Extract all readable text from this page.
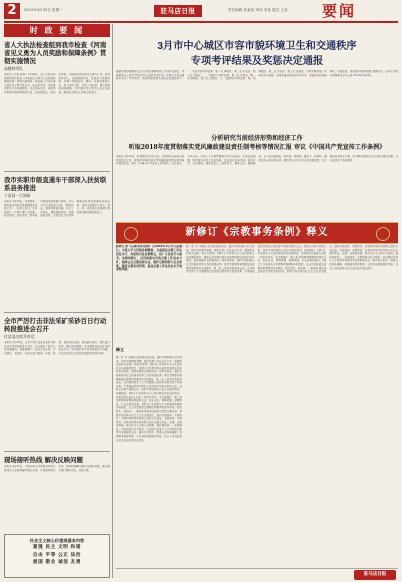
2	2019年4月30日 星期二	驻马店日报	责任编辑 张某某 审读 李某 版式 王某 要闻
时 政 要 闻
省人大执法检查组到我市检查《河南省见义勇为人员奖励和保障条例》贯彻实施情况
高继辉带队
本报讯（记者 张某）4月29日，省人大执法检查组到我市检查《河南省见义勇为人员奖励和保障条例》贯彻实施情况。检查组一行先后深入县区见义勇为基金会、派出所等地，实地察看相关工作开展情况，并召开座谈会，听取我市贯彻实施条例情况汇报。检查组指出，驻马店市委、市政府高度重视见义勇为工作，条例宣传深入，奖励保障到位，弘扬正气氛围浓厚，取得了明显成效。要进一步提高思想认识，加大宣传力度，完善工作机制，落实奖励和保障措施，切实维护见义勇为人员合法权益，推动见义勇为工作再上新台阶。
我市实职市级直通车干部深入扶贫联系县务推进
于某同一行调研
本报讯 4月29日，市委常委、组织部长到联系县调研脱贫攻坚工作。一行深入乡村，走访贫困户，详细了解产业发展、就业帮扶、危房改造、教育医疗保障等政策落实情况，并与乡村干部座谈交流。调研指出，要坚持精准方略，压实工作责任，聚焦短板弱项，巩固脱贫成果，以更加扎实的作风确保高质量完成脱贫攻坚任务。各级干部要沉下身子、深入一线，真正把心思和精力用在帮扶群众增收致富上。
全市严厉打击非法采矿采砂百日行动转段推进会召开
付某某出席并讲话
本报讯 4月29日，全市严厉打击非法采矿采砂百日行动转段推进会召开。会议通报了前段工作开展情况，安排部署下一阶段重点任务。会议要求，各县区、各有关部门要进一步统一思想，保持高压态势，坚持露头就打，强化部门联动，健全长效机制，坚决遏制非法采矿采砂违法行为，切实保护好生态环境和矿产资源，为全市经济社会高质量发展营造良好环境。
现场接听热线 解决反映问题
本报讯 4月29日，市政府有关负责同志到市长热线办公室现场接听群众来电，认真倾听群众诉求，现场协调解决群众反映的问题，要求相关部门限时办结，及时反馈。
社会主义核心价值观基本内容
富强 民主 文明 和谐
自由 平等 公正 法治
爱国 敬业 诚信 友善
3月市中心城区市容市貌环境卫生和交通秩序
专项考评结果及奖惩决定通报
根据市城市管理委员会关于城市管理考评工作的有关规定，市城管委办公室对3月份市中心城区市容市貌、环境卫生和交通秩序进行了专项考评。现将考评结果及奖惩决定通报如下：一、市容市貌考评结果：第一名 驿城区；第二名 开发区；第三名 高新区。二、环境卫生考评结果：第一名 开发区；第二名 驿城区；第三名 高新区。三、交通秩序考评结果：第一名 驿城区；第二名 开发区；第三名 高新区。对考评排名第一的单位给予奖励，对排名靠后的单位进行约谈。希望各单位再接再厉，巩固成果，持续提升城市精细化管理水平。驻马店市城市管理委员会办公室 2019年4月29日
分析研究当前经济形势和经济工作
听取2018年度贯彻落实党风廉政建设责任制考核等情况汇报 审议《中国共产党宣传工作条例》
本报讯 4月29日，市委常委会召开会议，分析研究当前经济形势和经济工作，听取2018年度落实党风廉政建设责任制考核等情况汇报，审议《中国共产党宣传工作条例》。会议指出，今年以来，全市上下认真贯彻落实中央和省委、市委决策部署，坚持稳中求进工作总基调，经济运行总体平稳、稳中有进。会议强调，要坚定信心，保持定力，聚焦重点，精准施策，全力以赴稳增长、促改革、调结构、惠民生、防风险，确保完成全年目标任务。要坚持以人民为中心的发展思想，扎实推进各项民生实事，切实解决好群众关心的热点难点问题。会议还研究了其他事项。
新修订《宗教事务条例》释义
新修订的《宗教事务条例》自2018年2月1日起施行。为深入学习贯彻条例精神，全面提高宗教工作法治化水平，本报特刊发条例释义，供广大读者学习参考。条例的修订，是贯彻落实党的宗教工作基本方针，保障公民宗教信仰自由，维护宗教和睦与社会和谐，规范宗教事务管理，提高宗教工作法治化水平的重要举措。
释义
第一条 为了保障公民宗教信仰自由，维护宗教和睦与社会和谐，规范宗教事务管理，提高宗教工作法治化水平，根据宪法和有关法律，制定本条例。【释义】本条是关于立法目的和立法依据的规定。保障公民宗教信仰自由是我国宪法规定的基本原则，是党和国家长期坚持的一项基本政策。维护宗教和睦与社会和谐是宗教工作的重要任务。规范宗教事务管理是依法管理宗教事务的必然要求。第二条 公民有宗教信仰自由。任何组织或者个人不得强制公民信仰宗教或者不信仰宗教，不得歧视信仰宗教的公民或者不信仰宗教的公民。信教公民和不信教公民、信仰不同宗教的公民应当相互尊重、和睦相处。【释义】本条是关于公民宗教信仰自由的规定。宗教信仰自由是公民的一项基本权利，受法律保护。第三条 宗教事务管理坚持保护合法、制止非法、遏制极端、抵御渗透、打击犯罪的原则。【释义】本条是关于宗教事务管理原则的规定。这五句话是依法管理宗教事务的基本原则，相互联系、有机统一。第四条 国家依法保护正常的宗教活动，积极引导宗教与社会主义社会相适应，维护宗教团体、宗教院校、宗教活动场所和信教公民的合法权益。宗教团体、宗教院校、宗教活动场所和信教公民应当遵守宪法、法律、法规和规章，践行社会主义核心价值观，维护国家统一、民族团结、宗教和睦与社会稳定。任何组织或者个人不得利用宗教进行危害国家安全、破坏社会秩序、损害公民身体健康、妨碍国家教育制度，以及其他损害国家利益、社会公共利益和公民合法权益等违法活动。
第一条 为了保障公民宗教信仰自由，维护宗教和睦与社会和谐，规范宗教事务管理，提高宗教工作法治化水平，根据宪法和有关法律，制定本条例。【释义】本条是关于立法目的和立法依据的规定。保障公民宗教信仰自由是我国宪法规定的基本原则，是党和国家长期坚持的一项基本政策。维护宗教和睦与社会和谐是宗教工作的重要任务。规范宗教事务管理是依法管理宗教事务的必然要求。第二条 公民有宗教信仰自由。任何组织或者个人不得强制公民信仰宗教或者不信仰宗教，不得歧视信仰宗教的公民或者不信仰宗教的公民。信教公民和不信教公民、信仰不同宗教的公民应当相互尊重、和睦相处。【释义】本条是关于公民宗教信仰自由的规定。宗教信仰自由是公民的一项基本权利，受法律保护。第三条 宗教事务管理坚持保护合法、制止非法、遏制极端、抵御渗透、打击犯罪的原则。【释义】本条是关于宗教事务管理原则的规定。这五句话是依法管理宗教事务的基本原则，相互联系、有机统一。第四条 国家依法保护正常的宗教活动，积极引导宗教与社会主义社会相适应，维护宗教团体、宗教院校、宗教活动场所和信教公民的合法权益。宗教团体、宗教院校、宗教活动场所和信教公民应当遵守宪法、法律、法规和规章，践行社会主义核心价值观，维护国家统一、民族团结、宗教和睦与社会稳定。任何组织或者个人不得利用宗教进行危害国家安全、破坏社会秩序、损害公民身体健康、妨碍国家教育制度，以及其他损害国家利益、社会公共利益和公民合法权益等违法活动。
驻马店日报
